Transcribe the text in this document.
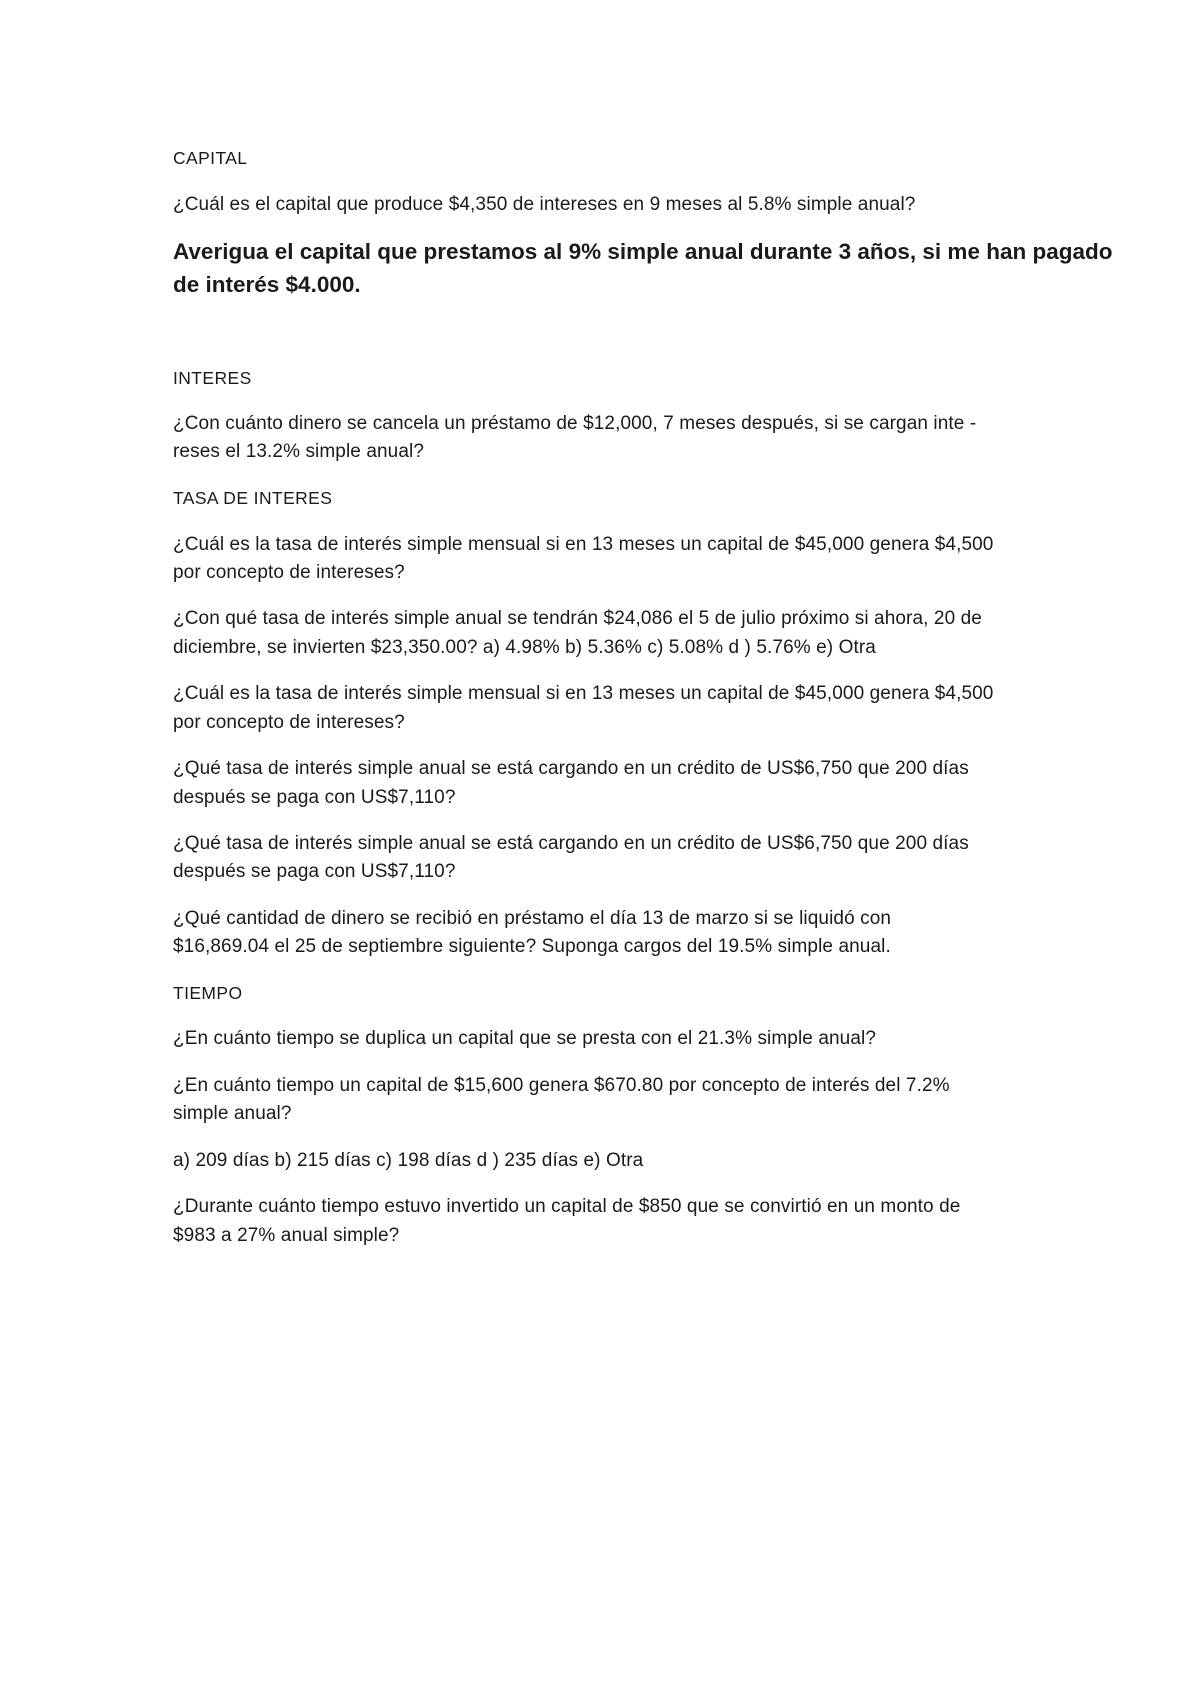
CAPITAL

¿Cuál es el capital que produce $4,350 de intereses en 9 meses al 5.8% simple anual?

Averigua el capital que prestamos al 9% simple anual durante 3 años, si me han pagado

de interés $4.000.

INTERES

¿Con cuánto dinero se cancela un préstamo de $12,000, 7 meses después, si se cargan inte -

reses el 13.2% simple anual?

TASA DE INTERES

¿Cuál es la tasa de interés simple mensual si en 13 meses un capital de $45,000 genera $4,500

por concepto de intereses?

¿Con qué tasa de interés simple anual se tendrán $24,086 el 5 de julio próximo si ahora, 20 de

diciembre, se invierten $23,350.00? a) 4.98% b) 5.36% c) 5.08% d ) 5.76% e) Otra

¿Cuál es la tasa de interés simple mensual si en 13 meses un capital de $45,000 genera $4,500

por concepto de intereses?

¿Qué tasa de interés simple anual se está cargando en un crédito de US$6,750 que 200 días

después se paga con US$7,110?

¿Qué tasa de interés simple anual se está cargando en un crédito de US$6,750 que 200 días

después se paga con US$7,110?

¿Qué cantidad de dinero se recibió en préstamo el día 13 de marzo si se liquidó con

$16,869.04 el 25 de septiembre siguiente? Suponga cargos del 19.5% simple anual.

TIEMPO

¿En cuánto tiempo se duplica un capital que se presta con el 21.3% simple anual?

¿En cuánto tiempo un capital de $15,600 genera $670.80 por concepto de interés del 7.2%

simple anual?

a) 209 días b) 215 días c) 198 días d ) 235 días e) Otra

¿Durante cuánto tiempo estuvo invertido un capital de $850 que se convirtió en un monto de

$983 a 27% anual simple?
